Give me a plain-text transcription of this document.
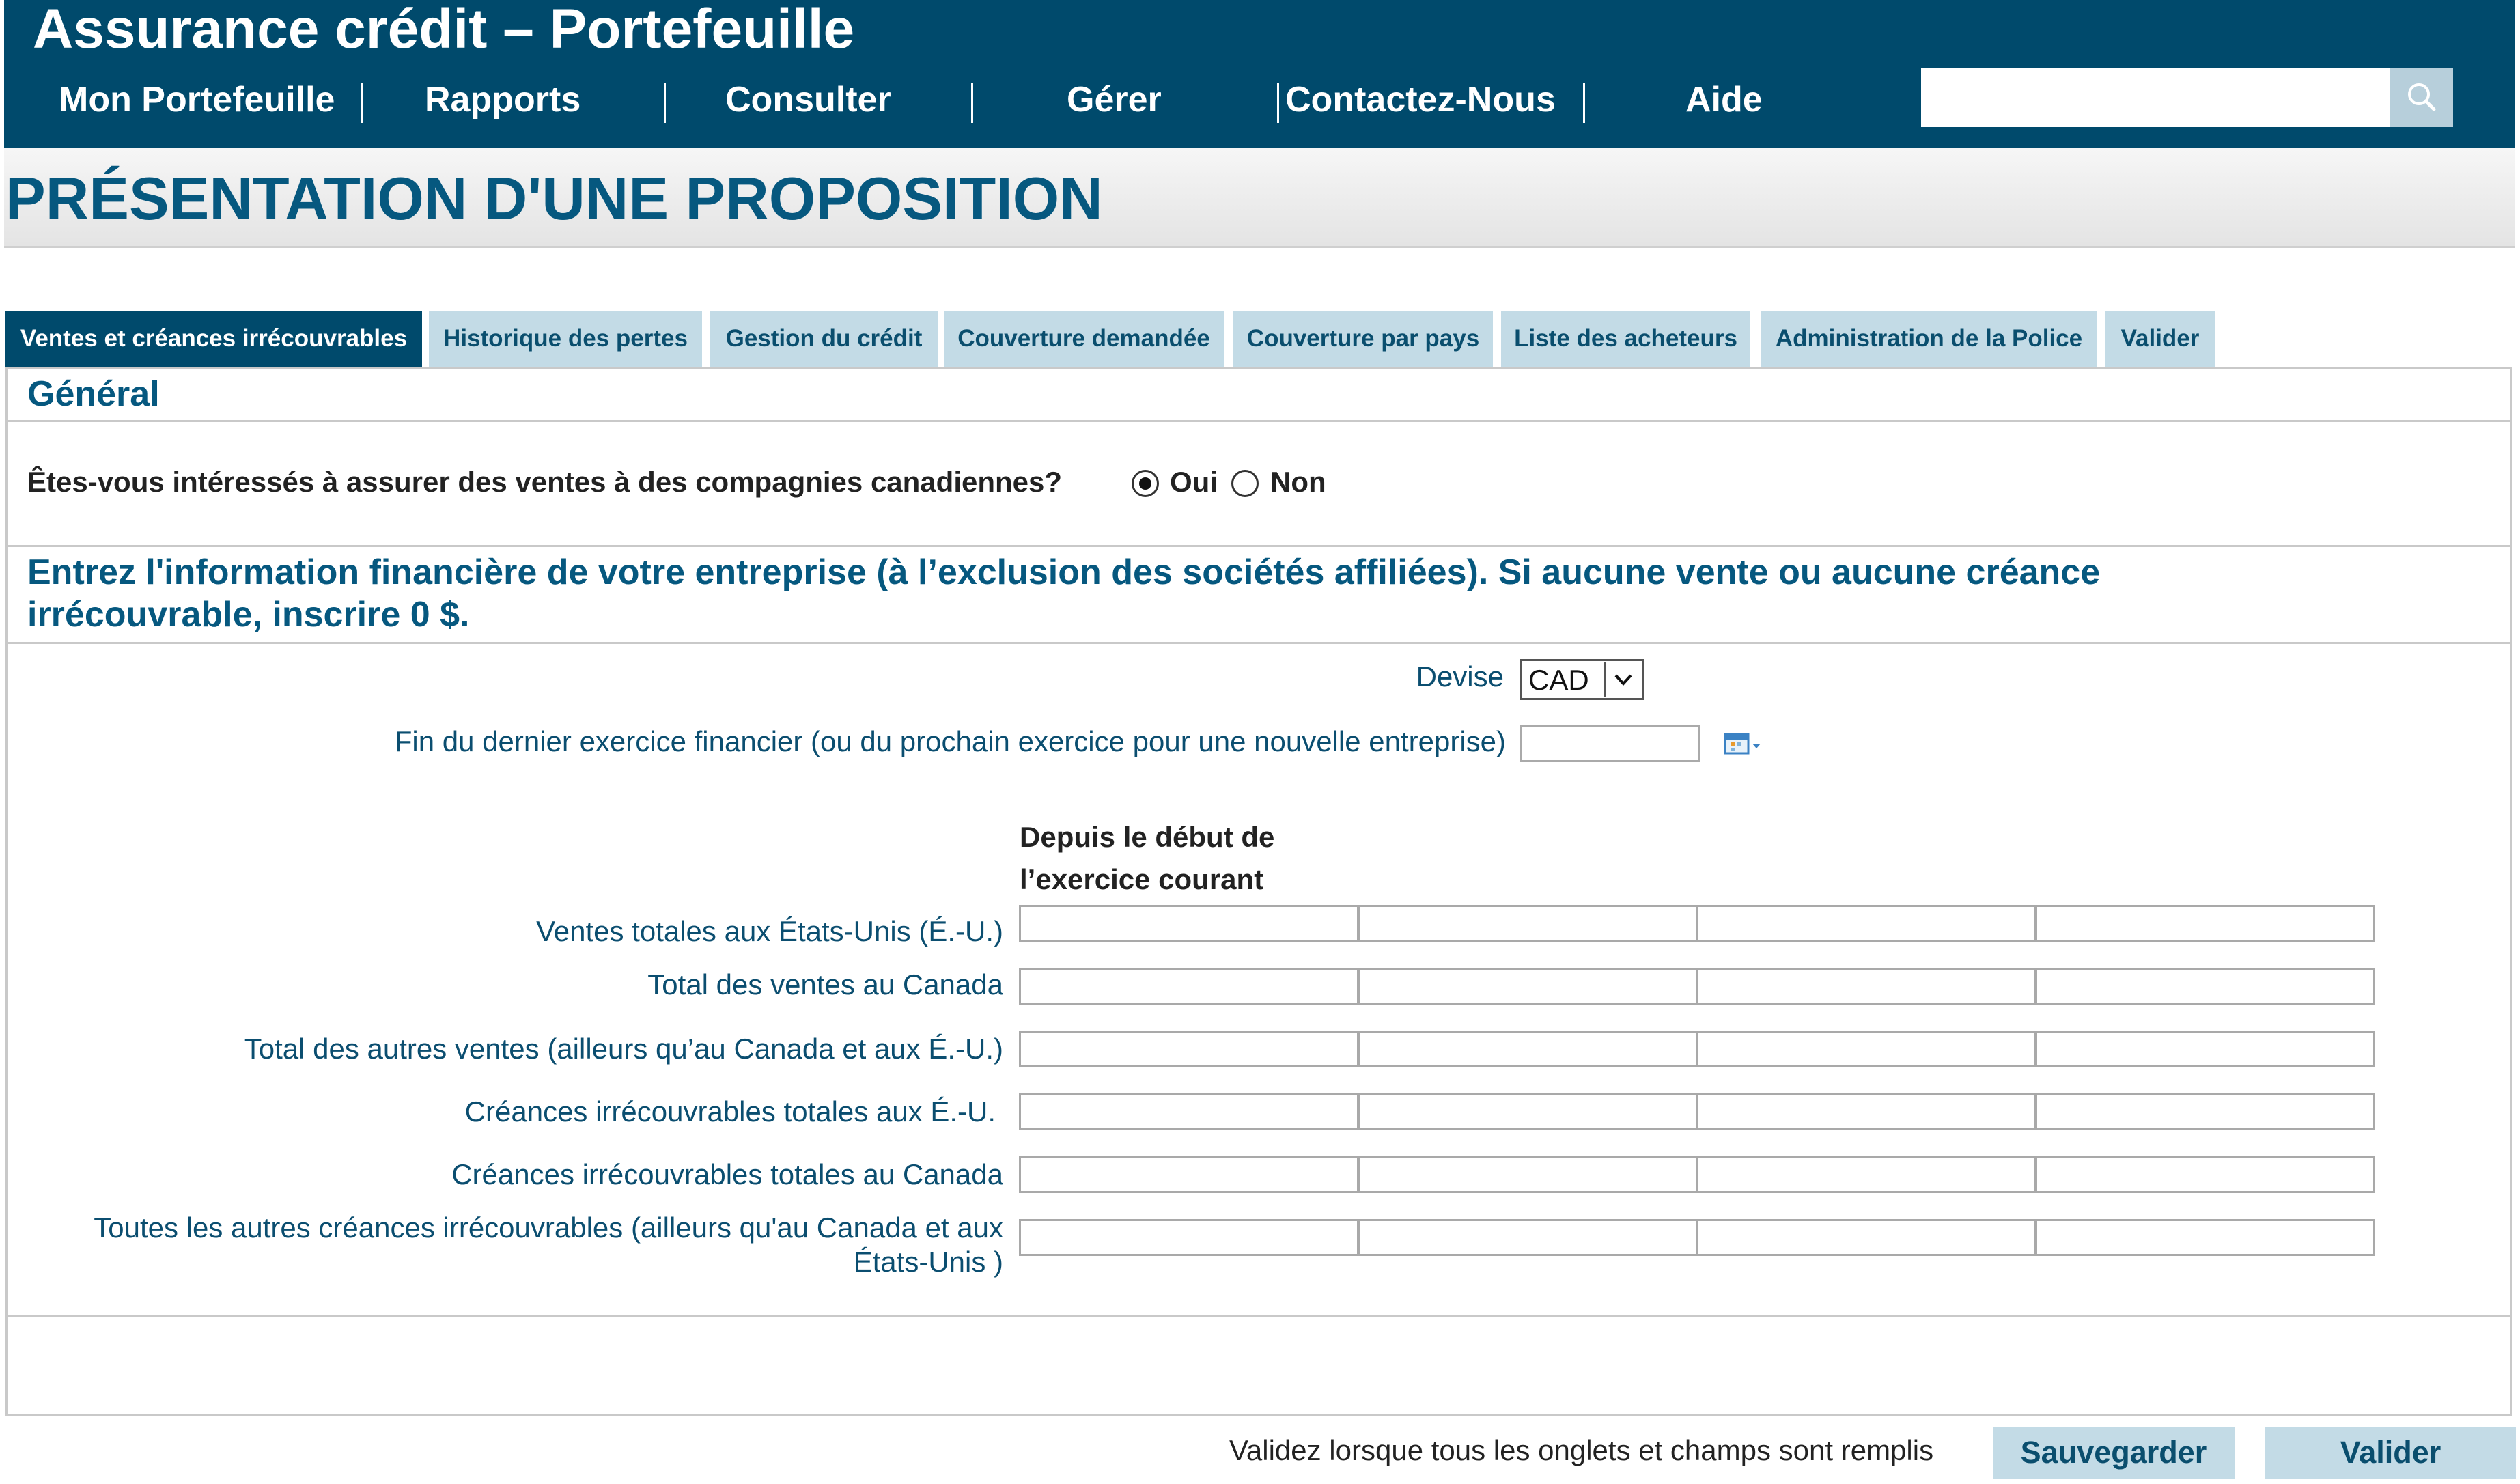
Assurance crédit – Portefeuille
Mon Portefeuille	Rapports	Consulter	Gérer	Contactez-Nous	Aide
PRÉSENTATION D'UNE PROPOSITION
Ventes et créances irrécouvrables	Historique des pertes	Gestion du crédit	Couverture demandée	Couverture par pays	Liste des acheteurs	Administration de la Police	Valider
Général
Êtes-vous intéressés à assurer des ventes à des compagnies canadiennes?	Oui Non
Entrez l'information financière de votre entreprise (à l’exclusion des sociétés affiliées). Si aucune vente ou aucune créance
irrécouvrable, inscrire 0 $.
Devise CAD
Fin du dernier exercice financier (ou du prochain exercice pour une nouvelle entreprise)
Depuis le début de
l’exercice courant
Ventes totales aux États-Unis (É.-U.)
Total des ventes au Canada
Total des autres ventes (ailleurs qu’au Canada et aux É.-U.)
Créances irrécouvrables totales aux É.-U.
Créances irrécouvrables totales au Canada
Toutes les autres créances irrécouvrables (ailleurs qu'au Canada et aux
États-Unis )
Validez lorsque tous les onglets et champs sont remplis	Sauvegarder	Valider
